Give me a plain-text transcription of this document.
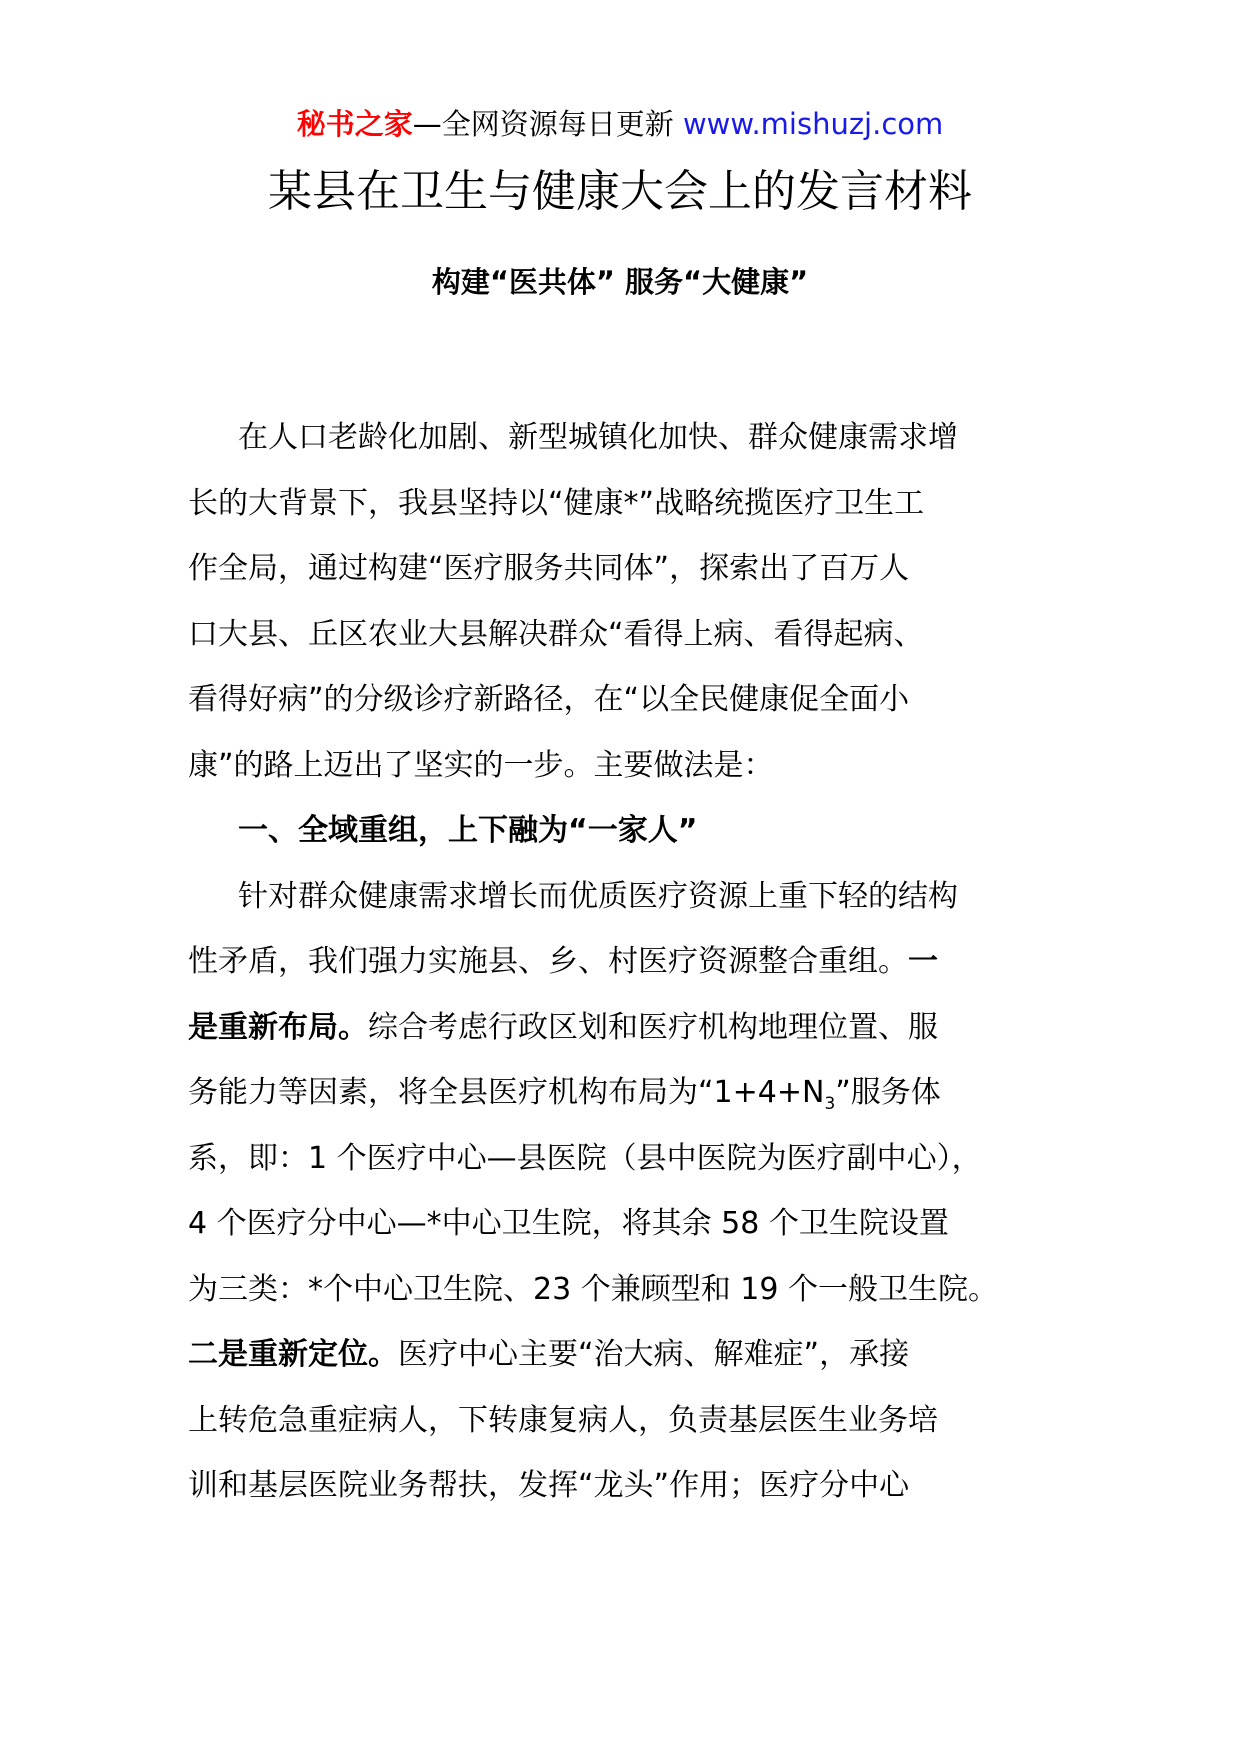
秘书之家—全网资源每日更新 www.mishuzj.com
某县在卫生与健康大会上的发言材料
构建“医共体” 服务“大健康”
在人口老龄化加剧、新型城镇化加快、群众健康需求增
长的大背景下，我县坚持以“健康*”战略统揽医疗卫生工
作全局，通过构建“医疗服务共同体”，探索出了百万人
口大县、丘区农业大县解决群众“看得上病、看得起病、
看得好病”的分级诊疗新路径，在“以全民健康促全面小
康”的路上迈出了坚实的一步。主要做法是：
一、全域重组，上下融为“一家人”
针对群众健康需求增长而优质医疗资源上重下轻的结构
性矛盾，我们强力实施县、乡、村医疗资源整合重组。一
是重新布局。综合考虑行政区划和医疗机构地理位置、服
务能力等因素，将全县医疗机构布局为“$1+4+N_3$”服务体
系，即：1 个医疗中心—县医院（县中医院为医疗副中心），
4 个医疗分中心—*中心卫生院，将其余 58 个卫生院设置
为三类：*个中心卫生院、23 个兼顾型和 19 个一般卫生院。
二是重新定位。医疗中心主要“治大病、解难症”，承接
上转危急重症病人，下转康复病人，负责基层医生业务培
训和基层医院业务帮扶，发挥“龙头”作用；医疗分中心
